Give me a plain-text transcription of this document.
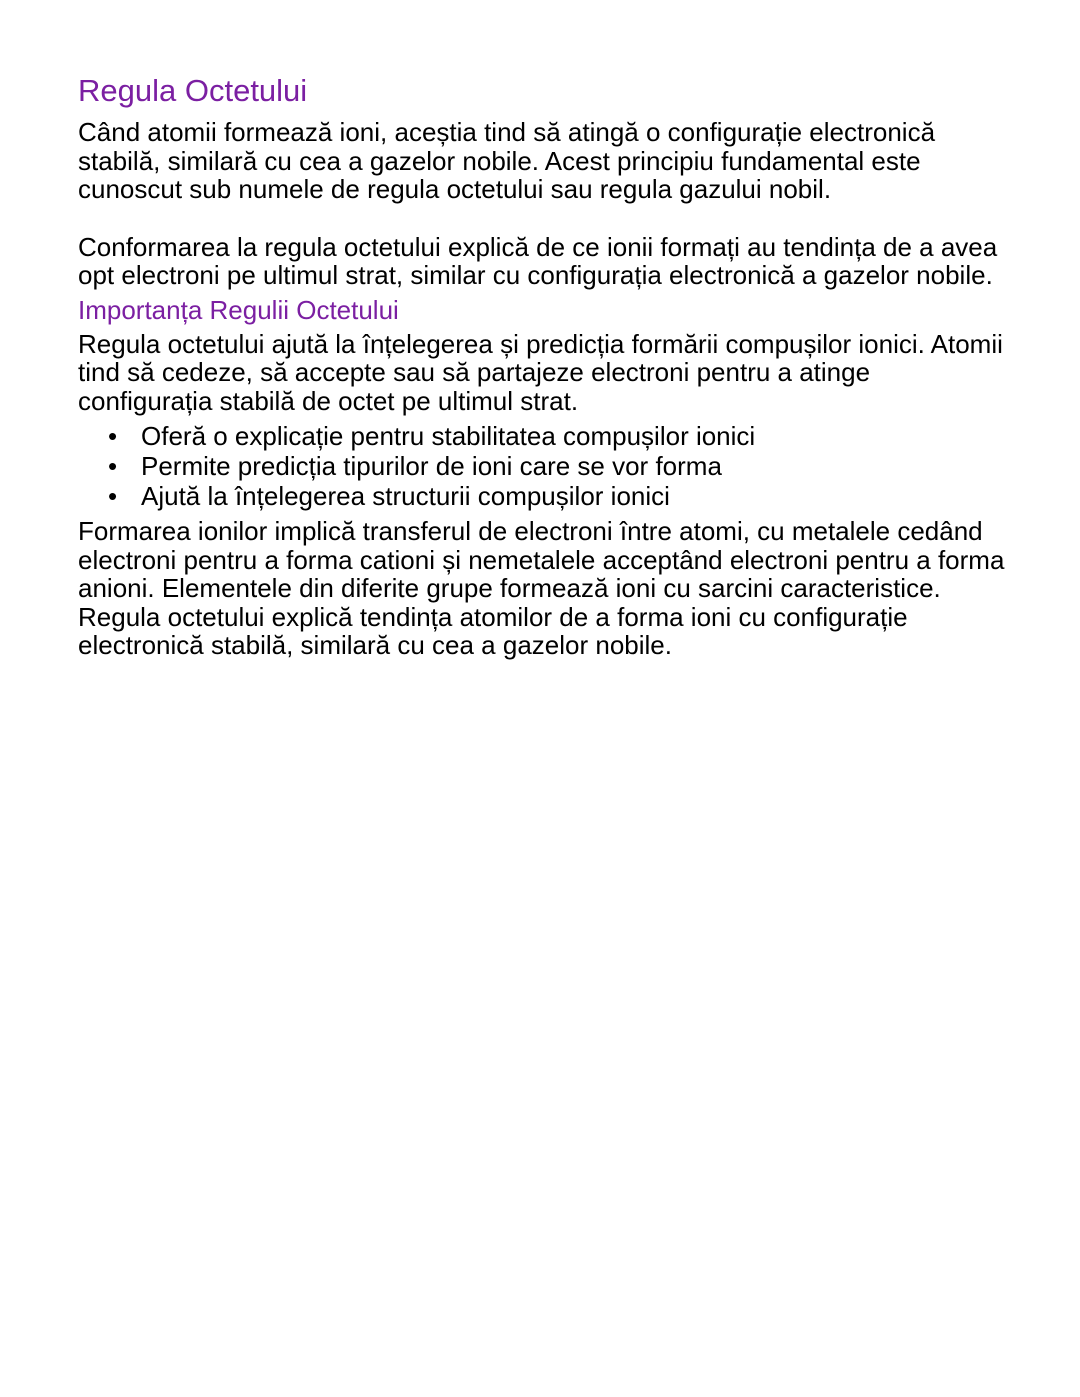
Regula Octetului

Când atomii formează ioni, aceștia tind să atingă o configurație electronică stabilă, similară cu cea a gazelor nobile. Acest principiu fundamental este cunoscut sub numele de regula octetului sau regula gazului nobil.

Conformarea la regula octetului explică de ce ionii formați au tendința de a avea opt electroni pe ultimul strat, similar cu configurația electronică a gazelor nobile.

Importanța Regulii Octetului

Regula octetului ajută la înțelegerea și predicția formării compușilor ionici. Atomii tind să cedeze, să accepte sau să partajeze electroni pentru a atinge configurația stabilă de octet pe ultimul strat.

• Oferă o explicație pentru stabilitatea compușilor ionici
• Permite predicția tipurilor de ioni care se vor forma
• Ajută la înțelegerea structurii compușilor ionici

Formarea ionilor implică transferul de electroni între atomi, cu metalele cedând electroni pentru a forma cationi și nemetalele acceptând electroni pentru a forma anioni. Elementele din diferite grupe formează ioni cu sarcini caracteristice. Regula octetului explică tendința atomilor de a forma ioni cu configurație electronică stabilă, similară cu cea a gazelor nobile.
